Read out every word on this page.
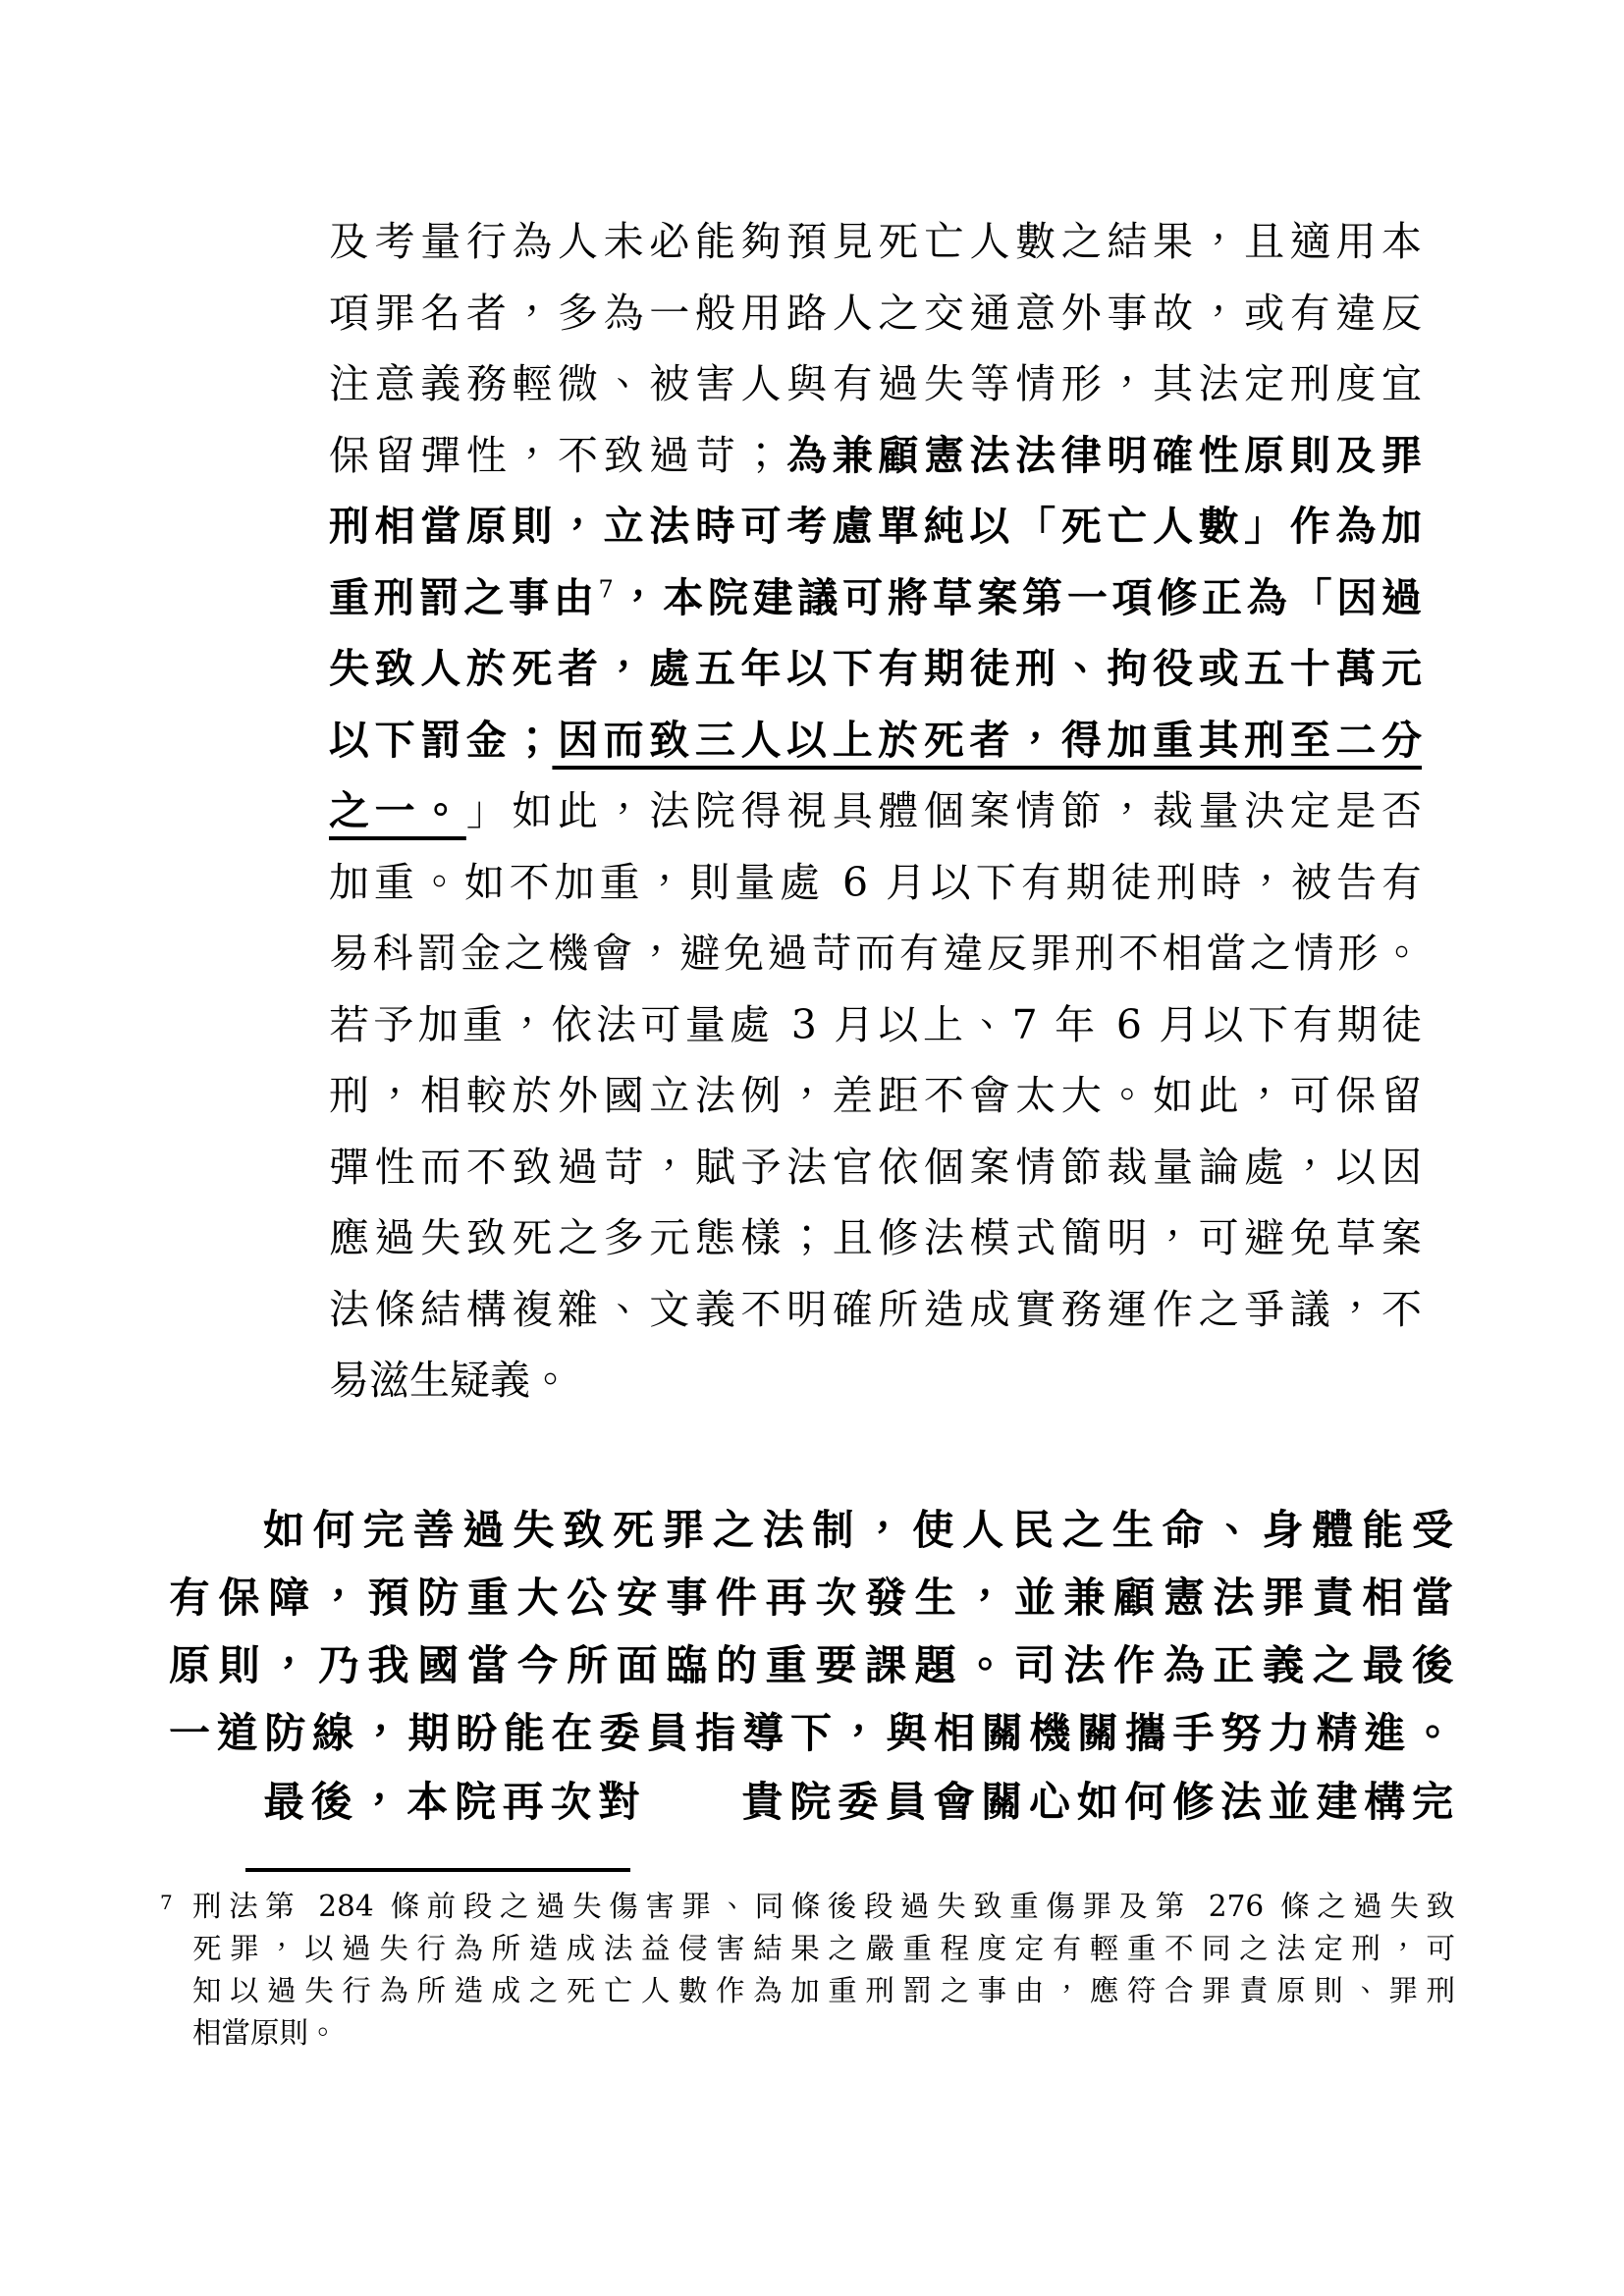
及考量行為人未必能夠預見死亡人數之結果，且適用本
項罪名者，多為一般用路人之交通意外事故，或有違反
注意義務輕微、被害人與有過失等情形，其法定刑度宜
保留彈性，不致過苛；為兼顧憲法法律明確性原則及罪
刑相當原則，立法時可考慮單純以「死亡人數」作為加
重刑罰之事由$^7$，本院建議可將草案第一項修正為「因過
失致人於死者，處五年以下有期徒刑、拘役或五十萬元
以下罰金；因而致三人以上於死者，得加重其刑至二分
之一。」如此，法院得視具體個案情節，裁量決定是否
加重。如不加重，則量處 6 月以下有期徒刑時，被告有
易科罰金之機會，避免過苛而有違反罪刑不相當之情形。
若予加重，依法可量處 3 月以上、7 年 6 月以下有期徒
刑，相較於外國立法例，差距不會太大。如此，可保留
彈性而不致過苛，賦予法官依個案情節裁量論處，以因
應過失致死之多元態樣；且修法模式簡明，可避免草案
法條結構複雜、文義不明確所造成實務運作之爭議，不
易滋生疑義。
如何完善過失致死罪之法制，使人民之生命、身體能受
有保障，預防重大公安事件再次發生，並兼顧憲法罪責相當
原則，乃我國當今所面臨的重要課題。司法作為正義之最後
一道防線，期盼能在委員指導下，與相關機關攜手努力精進。
最後，本院再次對　　貴院委員會關心如何修法並建構完
7 刑法第 284 條前段之過失傷害罪、同條後段過失致重傷罪及第 276 條之過失致
死罪，以過失行為所造成法益侵害結果之嚴重程度定有輕重不同之法定刑，可
知以過失行為所造成之死亡人數作為加重刑罰之事由，應符合罪責原則、罪刑
相當原則。
